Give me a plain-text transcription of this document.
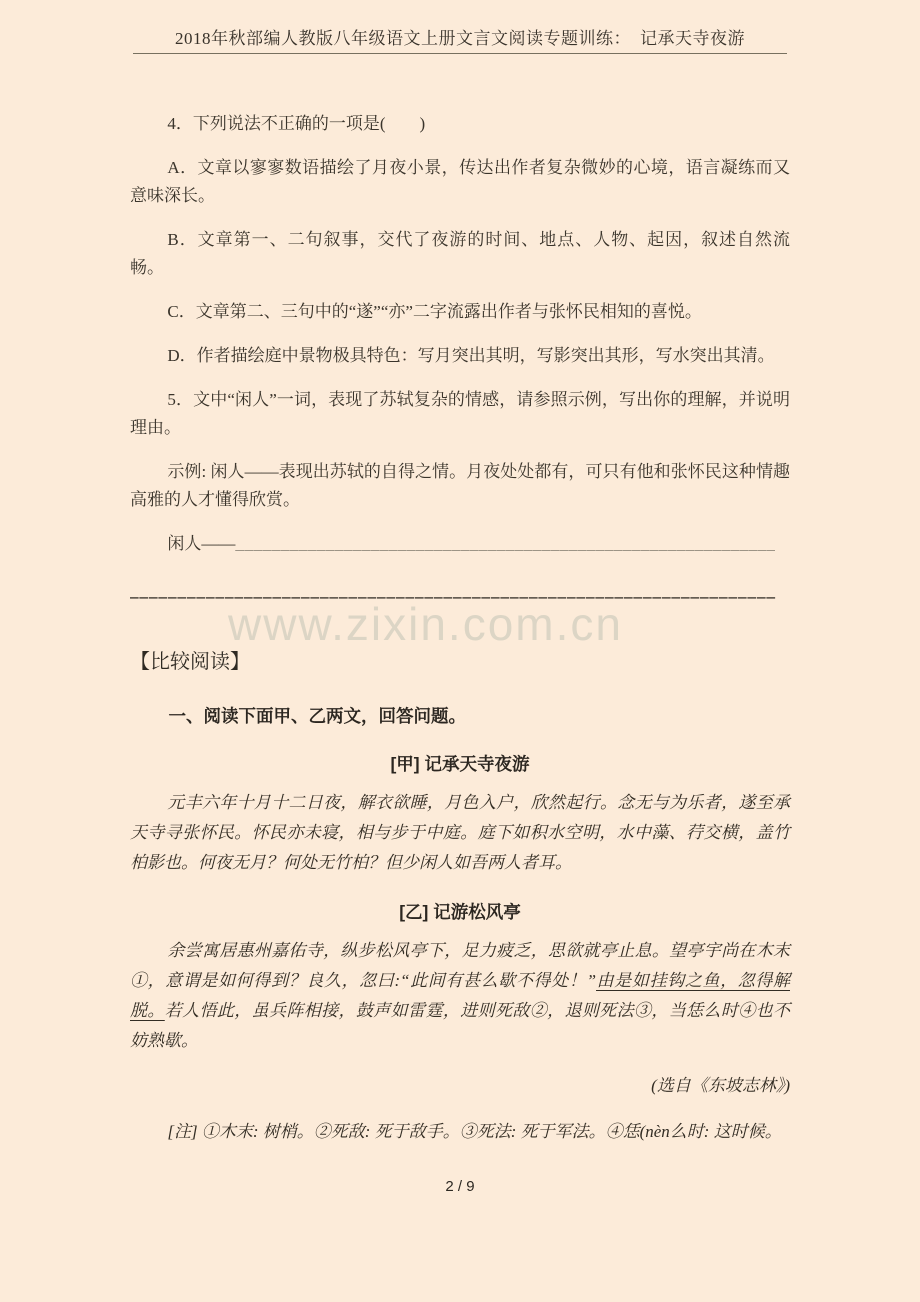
www.zixin.com.cn
2018年秋部编人教版八年级语文上册文言文阅读专题训练：　记承天寺夜游

4．下列说法不正确的一项是(　　)

A．文章以寥寥数语描绘了月夜小景，传达出作者复杂微妙的心境，语言凝练而又意味深长。

B．文章第一、二句叙事，交代了夜游的时间、地点、人物、起因，叙述自然流畅。

C．文章第二、三句中的“遂”“亦”二字流露出作者与张怀民相知的喜悦。

D．作者描绘庭中景物极具特色：写月突出其明，写影突出其形，写水突出其清。

5．文中“闲人”一词，表现了苏轼复杂的情感，请参照示例，写出你的理解，并说明理由。

示例: 闲人——表现出苏轼的自得之情。月夜处处都有，可只有他和张怀民这种情趣高雅的人才懂得欣赏。

闲人——____________________________________________________________

____________________________________________________________________

【比较阅读】

一、阅读下面甲、乙两文，回答问题。

[甲] 记承天寺夜游

元丰六年十月十二日夜，解衣欲睡，月色入户，欣然起行。念无与为乐者，遂至承天寺寻张怀民。怀民亦未寝，相与步于中庭。庭下如积水空明，水中藻、荇交横，盖竹柏影也。何夜无月？何处无竹柏？但少闲人如吾两人者耳。

[乙] 记游松风亭

余尝寓居惠州嘉佑寺，纵步松风亭下，足力疲乏，思欲就亭止息。望亭宇尚在木末①，意谓是如何得到？良久，忽曰:“此间有甚么歇不得处！”由是如挂钩之鱼，忽得解脱。若人悟此，虽兵阵相接，鼓声如雷霆，进则死敌②，退则死法③，当恁么时④也不妨熟歇。

(选自《东坡志林》)

[注] ①木末: 树梢。②死敌: 死于敌手。③死法: 死于军法。④恁(nèn么时: 这时候。

2 / 9
